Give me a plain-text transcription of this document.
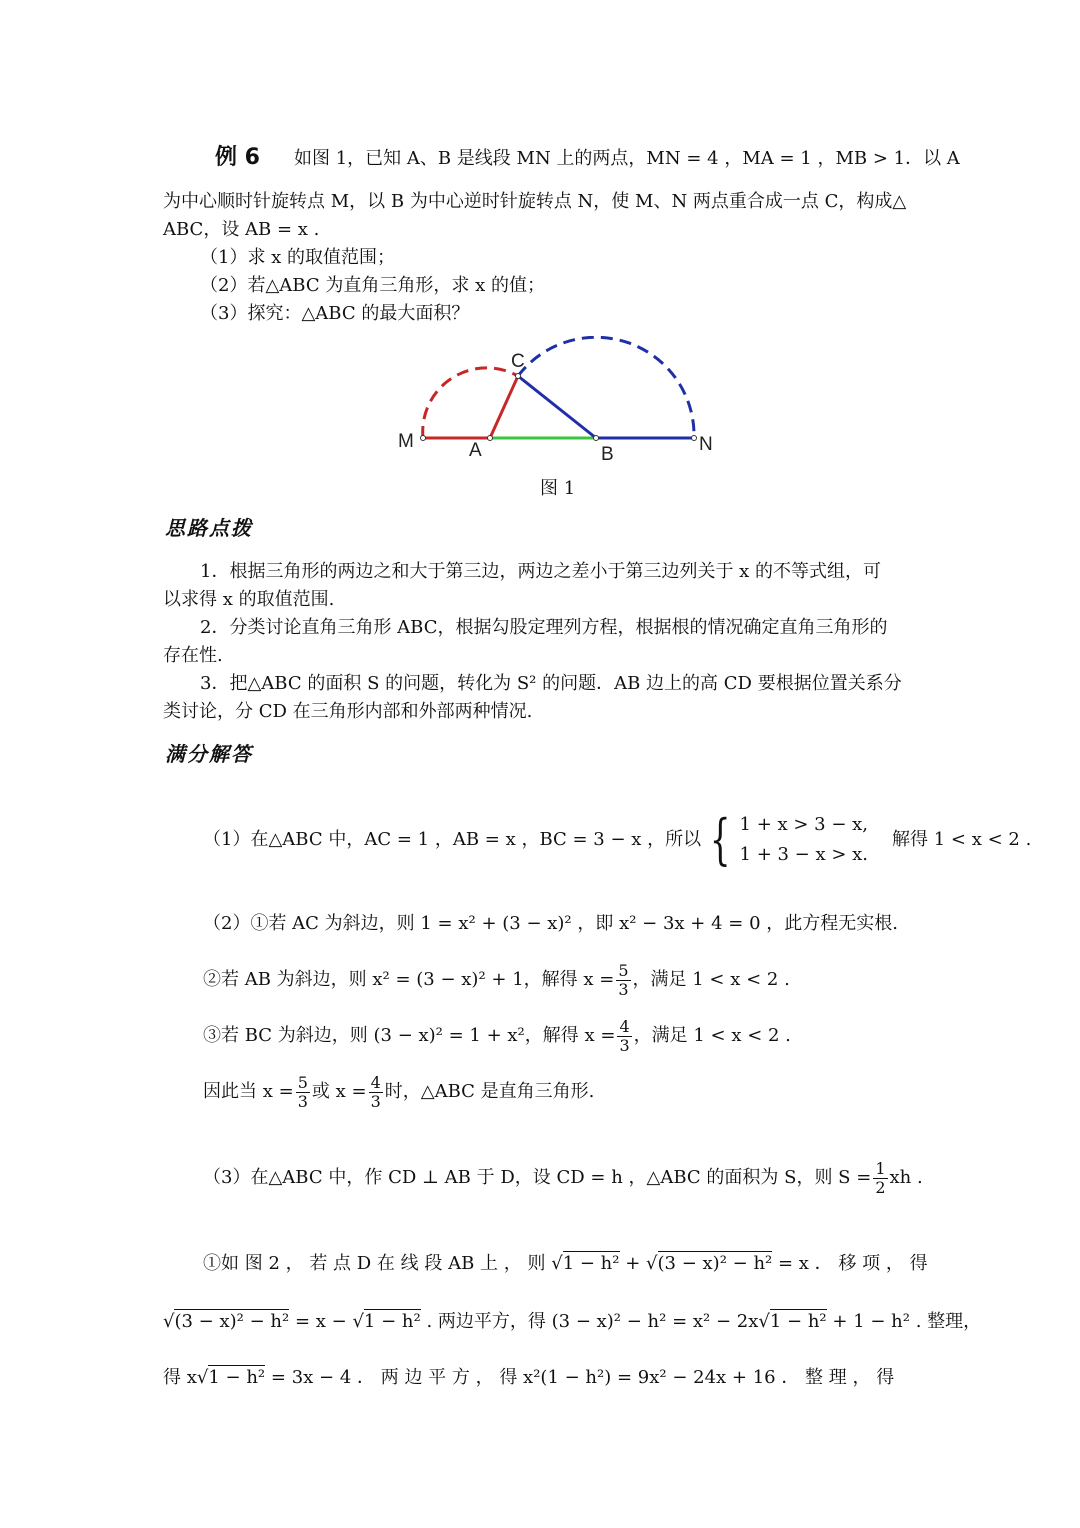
例 6 如图 1，已知 A、B 是线段 MN 上的两点，MN = 4 ，MA = 1 ，MB > 1．以 A
为中心顺时针旋转点 M，以 B 为中心逆时针旋转点 N，使 M、N 两点重合成一点 C，构成△
ABC，设 AB = x .
（1）求 x 的取值范围；
（2）若△ABC 为直角三角形，求 x 的值；
（3）探究：△ABC 的最大面积？
M	A	B	N
C
图 1
思路点拨
1．根据三角形的两边之和大于第三边，两边之差小于第三边列关于 x 的不等式组，可
以求得 x 的取值范围.
2．分类讨论直角三角形 ABC，根据勾股定理列方程，根据根的情况确定直角三角形的
存在性.
3．把△ABC 的面积 S 的问题，转化为 S² 的问题．AB 边上的高 CD 要根据位置关系分
类讨论，分 CD 在三角形内部和外部两种情况.
满分解答
（1）在△ABC 中，AC = 1 ，AB = x ，BC = 3 − x ，所以 { 1 + x > 3 − x,
1 + 3 − x > x.
解得 1 < x < 2 .
（2）①若 AC 为斜边，则 1 = x² + (3 − x)² ，即 x² − 3x + 4 = 0 ，此方程无实根.
②若 AB 为斜边，则 x² = (3 − x)² + 1，解得 $x = \frac{5}{3}$ ，满足 1 < x < 2 .
③若 BC 为斜边，则 (3 − x)² = 1 + x²，解得 $x = \frac{4}{3}$ ，满足 1 < x < 2 .
因此当 $x = \frac{5}{3}$ 或 $x = \frac{4}{3}$ 时，△ABC 是直角三角形.
（3）在△ABC 中，作 CD ⊥ AB 于 D，设 CD = h ，△ABC 的面积为 S，则 $S = \frac{1}{2}$ xh .
①如 图 2 ， 若 点 D 在 线 段 AB 上 ， 则 √1 − h² + √(3 − x)² − h² = x ． 移 项 ， 得
√(3 − x)² − h² = x − √1 − h² . 两边平方，得 (3 − x)² − h² = x² − 2x√1 − h² + 1 − h² . 整理，
得 x√1 − h² = 3x − 4 ． 两 边 平 方 ， 得 x²(1 − h²) = 9x² − 24x + 16 ． 整 理 ， 得
